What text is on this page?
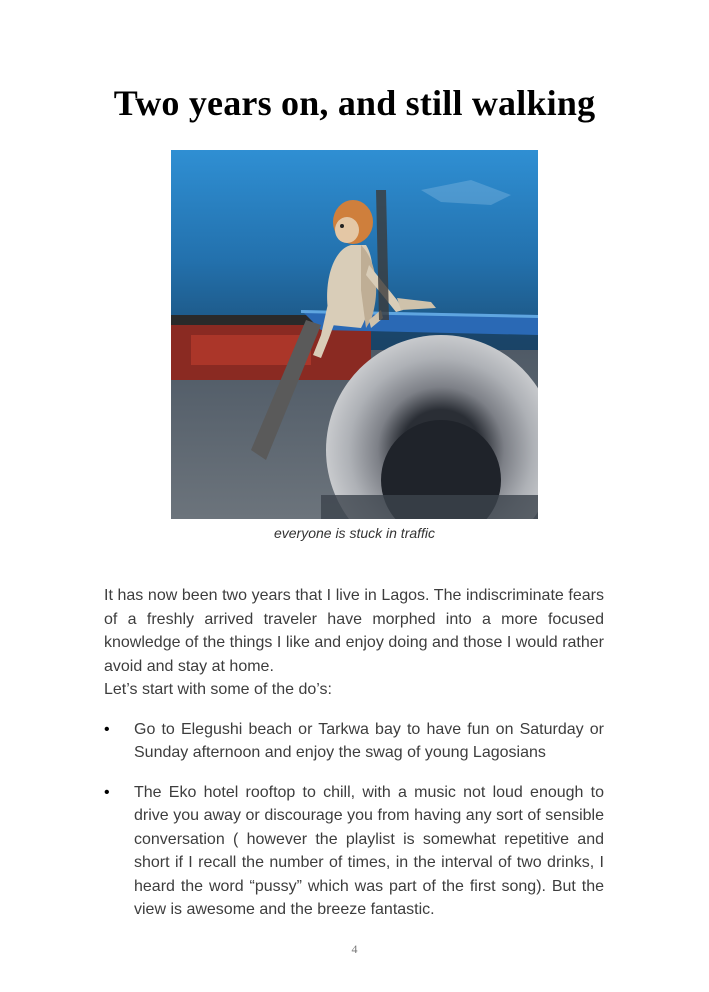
Two years on, and still walking
everyone is stuck in traffic

It has now been two years that I live in Lagos. The indiscriminate fears of a freshly arrived traveler have morphed into a more focused knowledge of the things I like and enjoy doing and those I would rather avoid and stay at home.

Let’s start with some of the do’s:

• Go to Elegushi beach or Tarkwa bay to have fun on Saturday or Sunday afternoon and enjoy the swag of young Lagosians
• The Eko hotel rooftop to chill, with a music not loud enough to drive you away or discourage you from having any sort of sensible conversation ( however the playlist is somewhat repetitive and short if I recall the number of times, in the interval of two drinks, I heard the word “pussy” which was part of the first song). But the view is awesome and the breeze fantastic.
4
